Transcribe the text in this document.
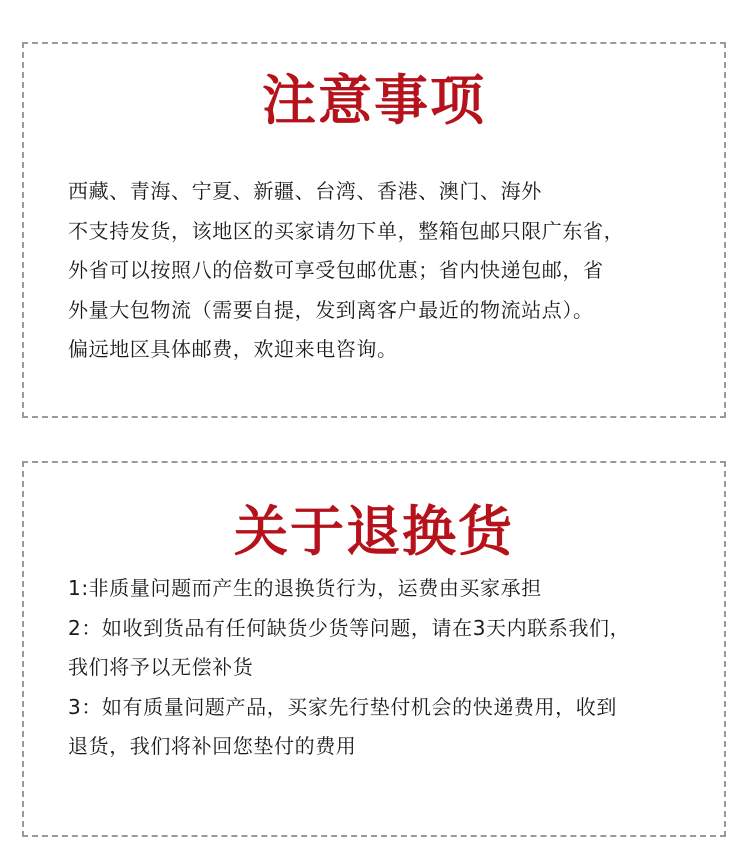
注意事项
西藏、青海、宁夏、新疆、台湾、香港、澳门、海外
不支持发货，该地区的买家请勿下单，整箱包邮只限广东省，
外省可以按照八的倍数可享受包邮优惠；省内快递包邮，省
外量大包物流（需要自提，发到离客户最近的物流站点）。
偏远地区具体邮费，欢迎来电咨询。
关于退换货
1:非质量问题而产生的退换货行为，运费由买家承担
2：如收到货品有任何缺货少货等问题，请在3天内联系我们，
我们将予以无偿补货
3：如有质量问题产品，买家先行垫付机会的快递费用，收到
退货，我们将补回您垫付的费用
